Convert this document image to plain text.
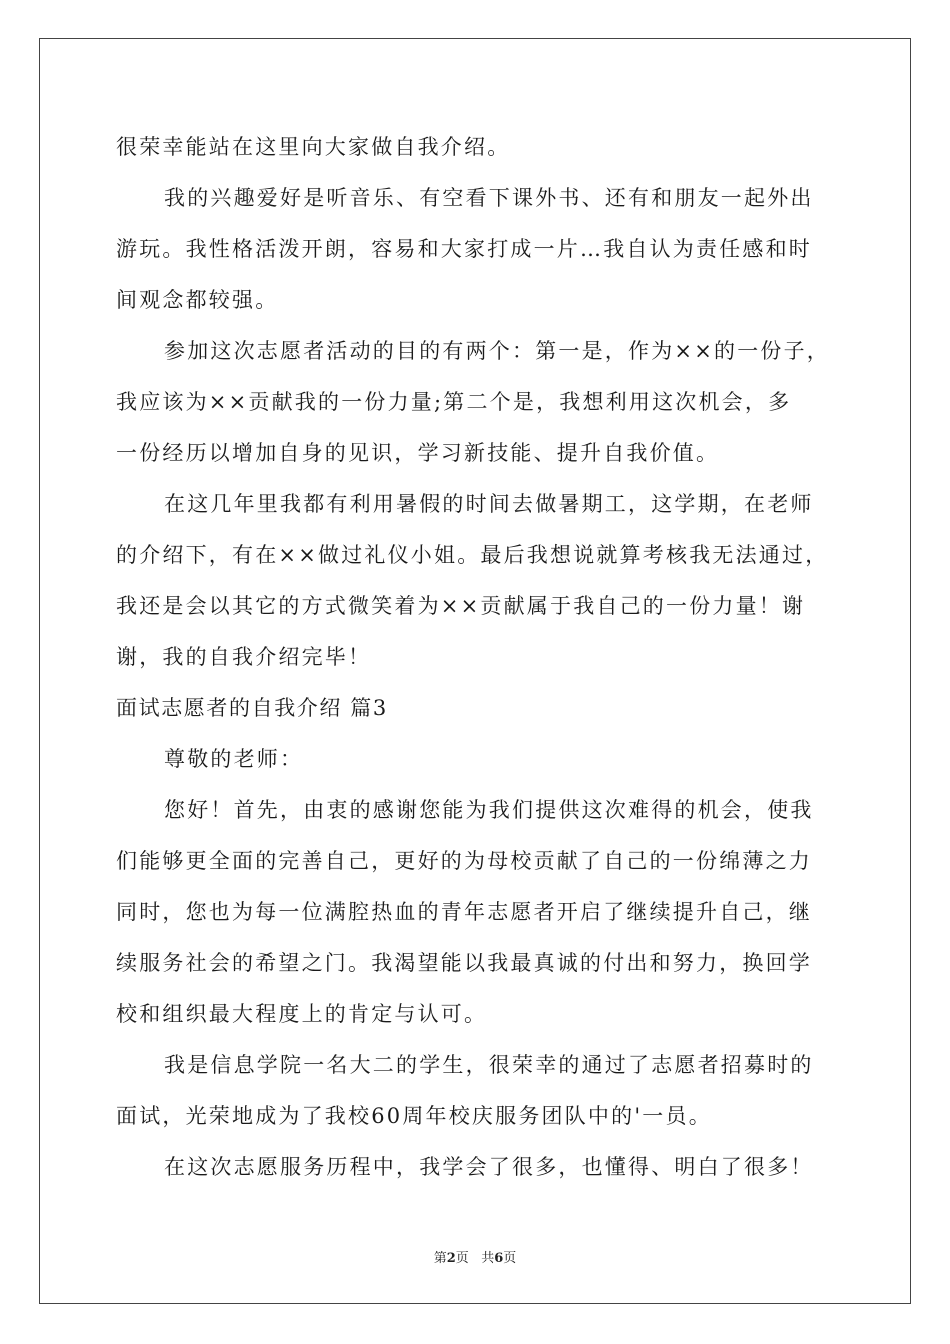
很荣幸能站在这里向大家做自我介绍。
我的兴趣爱好是听音乐、有空看下课外书、还有和朋友一起外出
游玩。我性格活泼开朗，容易和大家打成一片…我自认为责任感和时
间观念都较强。
参加这次志愿者活动的目的有两个：第一是，作为××的一份子，
我应该为××贡献我的一份力量;第二个是，我想利用这次机会，多
一份经历以增加自身的见识，学习新技能、提升自我价值。
在这几年里我都有利用暑假的时间去做暑期工，这学期，在老师
的介绍下，有在××做过礼仪小姐。最后我想说就算考核我无法通过，
我还是会以其它的方式微笑着为××贡献属于我自己的一份力量！谢
谢，我的自我介绍完毕！
面试志愿者的自我介绍 篇3
尊敬的老师：
您好！首先，由衷的感谢您能为我们提供这次难得的机会，使我
们能够更全面的完善自己，更好的为母校贡献了自己的一份绵薄之力
同时，您也为每一位满腔热血的青年志愿者开启了继续提升自己，继
续服务社会的希望之门。我渴望能以我最真诚的付出和努力，换回学
校和组织最大程度上的肯定与认可。
我是信息学院一名大二的学生，很荣幸的通过了志愿者招募时的
面试，光荣地成为了我校60周年校庆服务团队中的'一员。
在这次志愿服务历程中，我学会了很多，也懂得、明白了很多！
第2页   共6页
